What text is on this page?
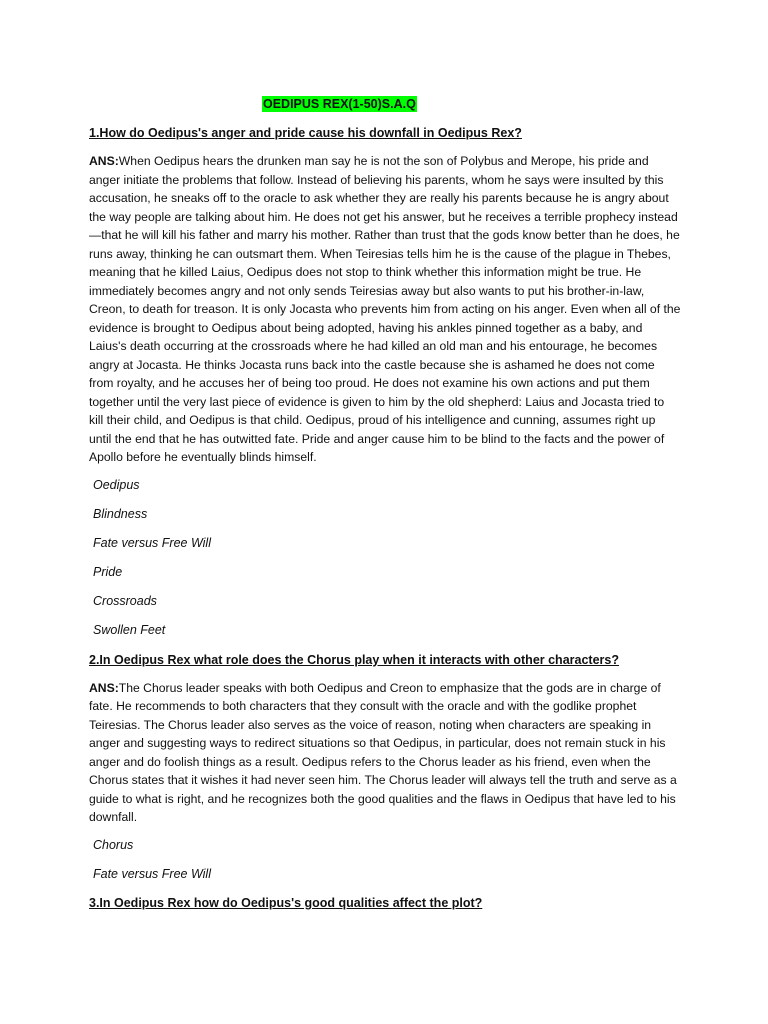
OEDIPUS REX(1-50)S.A.Q

1.How do Oedipus's anger and pride cause his downfall in Oedipus Rex?

ANS:When Oedipus hears the drunken man say he is not the son of Polybus and Merope, his pride and anger initiate the problems that follow. Instead of believing his parents, whom he says were insulted by this accusation, he sneaks off to the oracle to ask whether they are really his parents because he is angry about the way people are talking about him. He does not get his answer, but he receives a terrible prophecy instead—that he will kill his father and marry his mother. Rather than trust that the gods know better than he does, he runs away, thinking he can outsmart them. When Teiresias tells him he is the cause of the plague in Thebes, meaning that he killed Laius, Oedipus does not stop to think whether this information might be true. He immediately becomes angry and not only sends Teiresias away but also wants to put his brother-in-law, Creon, to death for treason. It is only Jocasta who prevents him from acting on his anger. Even when all of the evidence is brought to Oedipus about being adopted, having his ankles pinned together as a baby, and Laius's death occurring at the crossroads where he had killed an old man and his entourage, he becomes angry at Jocasta. He thinks Jocasta runs back into the castle because she is ashamed he does not come from royalty, and he accuses her of being too proud. He does not examine his own actions and put them together until the very last piece of evidence is given to him by the old shepherd: Laius and Jocasta tried to kill their child, and Oedipus is that child. Oedipus, proud of his intelligence and cunning, assumes right up until the end that he has outwitted fate. Pride and anger cause him to be blind to the facts and the power of Apollo before he eventually blinds himself.

Oedipus
Blindness
Fate versus Free Will
Pride
Crossroads
Swollen Feet

2.In Oedipus Rex what role does the Chorus play when it interacts with other characters?

ANS:The Chorus leader speaks with both Oedipus and Creon to emphasize that the gods are in charge of fate. He recommends to both characters that they consult with the oracle and with the godlike prophet Teiresias. The Chorus leader also serves as the voice of reason, noting when characters are speaking in anger and suggesting ways to redirect situations so that Oedipus, in particular, does not remain stuck in his anger and do foolish things as a result. Oedipus refers to the Chorus leader as his friend, even when the Chorus states that it wishes it had never seen him. The Chorus leader will always tell the truth and serve as a guide to what is right, and he recognizes both the good qualities and the flaws in Oedipus that have led to his downfall.

Chorus
Fate versus Free Will

3.In Oedipus Rex how do Oedipus's good qualities affect the plot?
